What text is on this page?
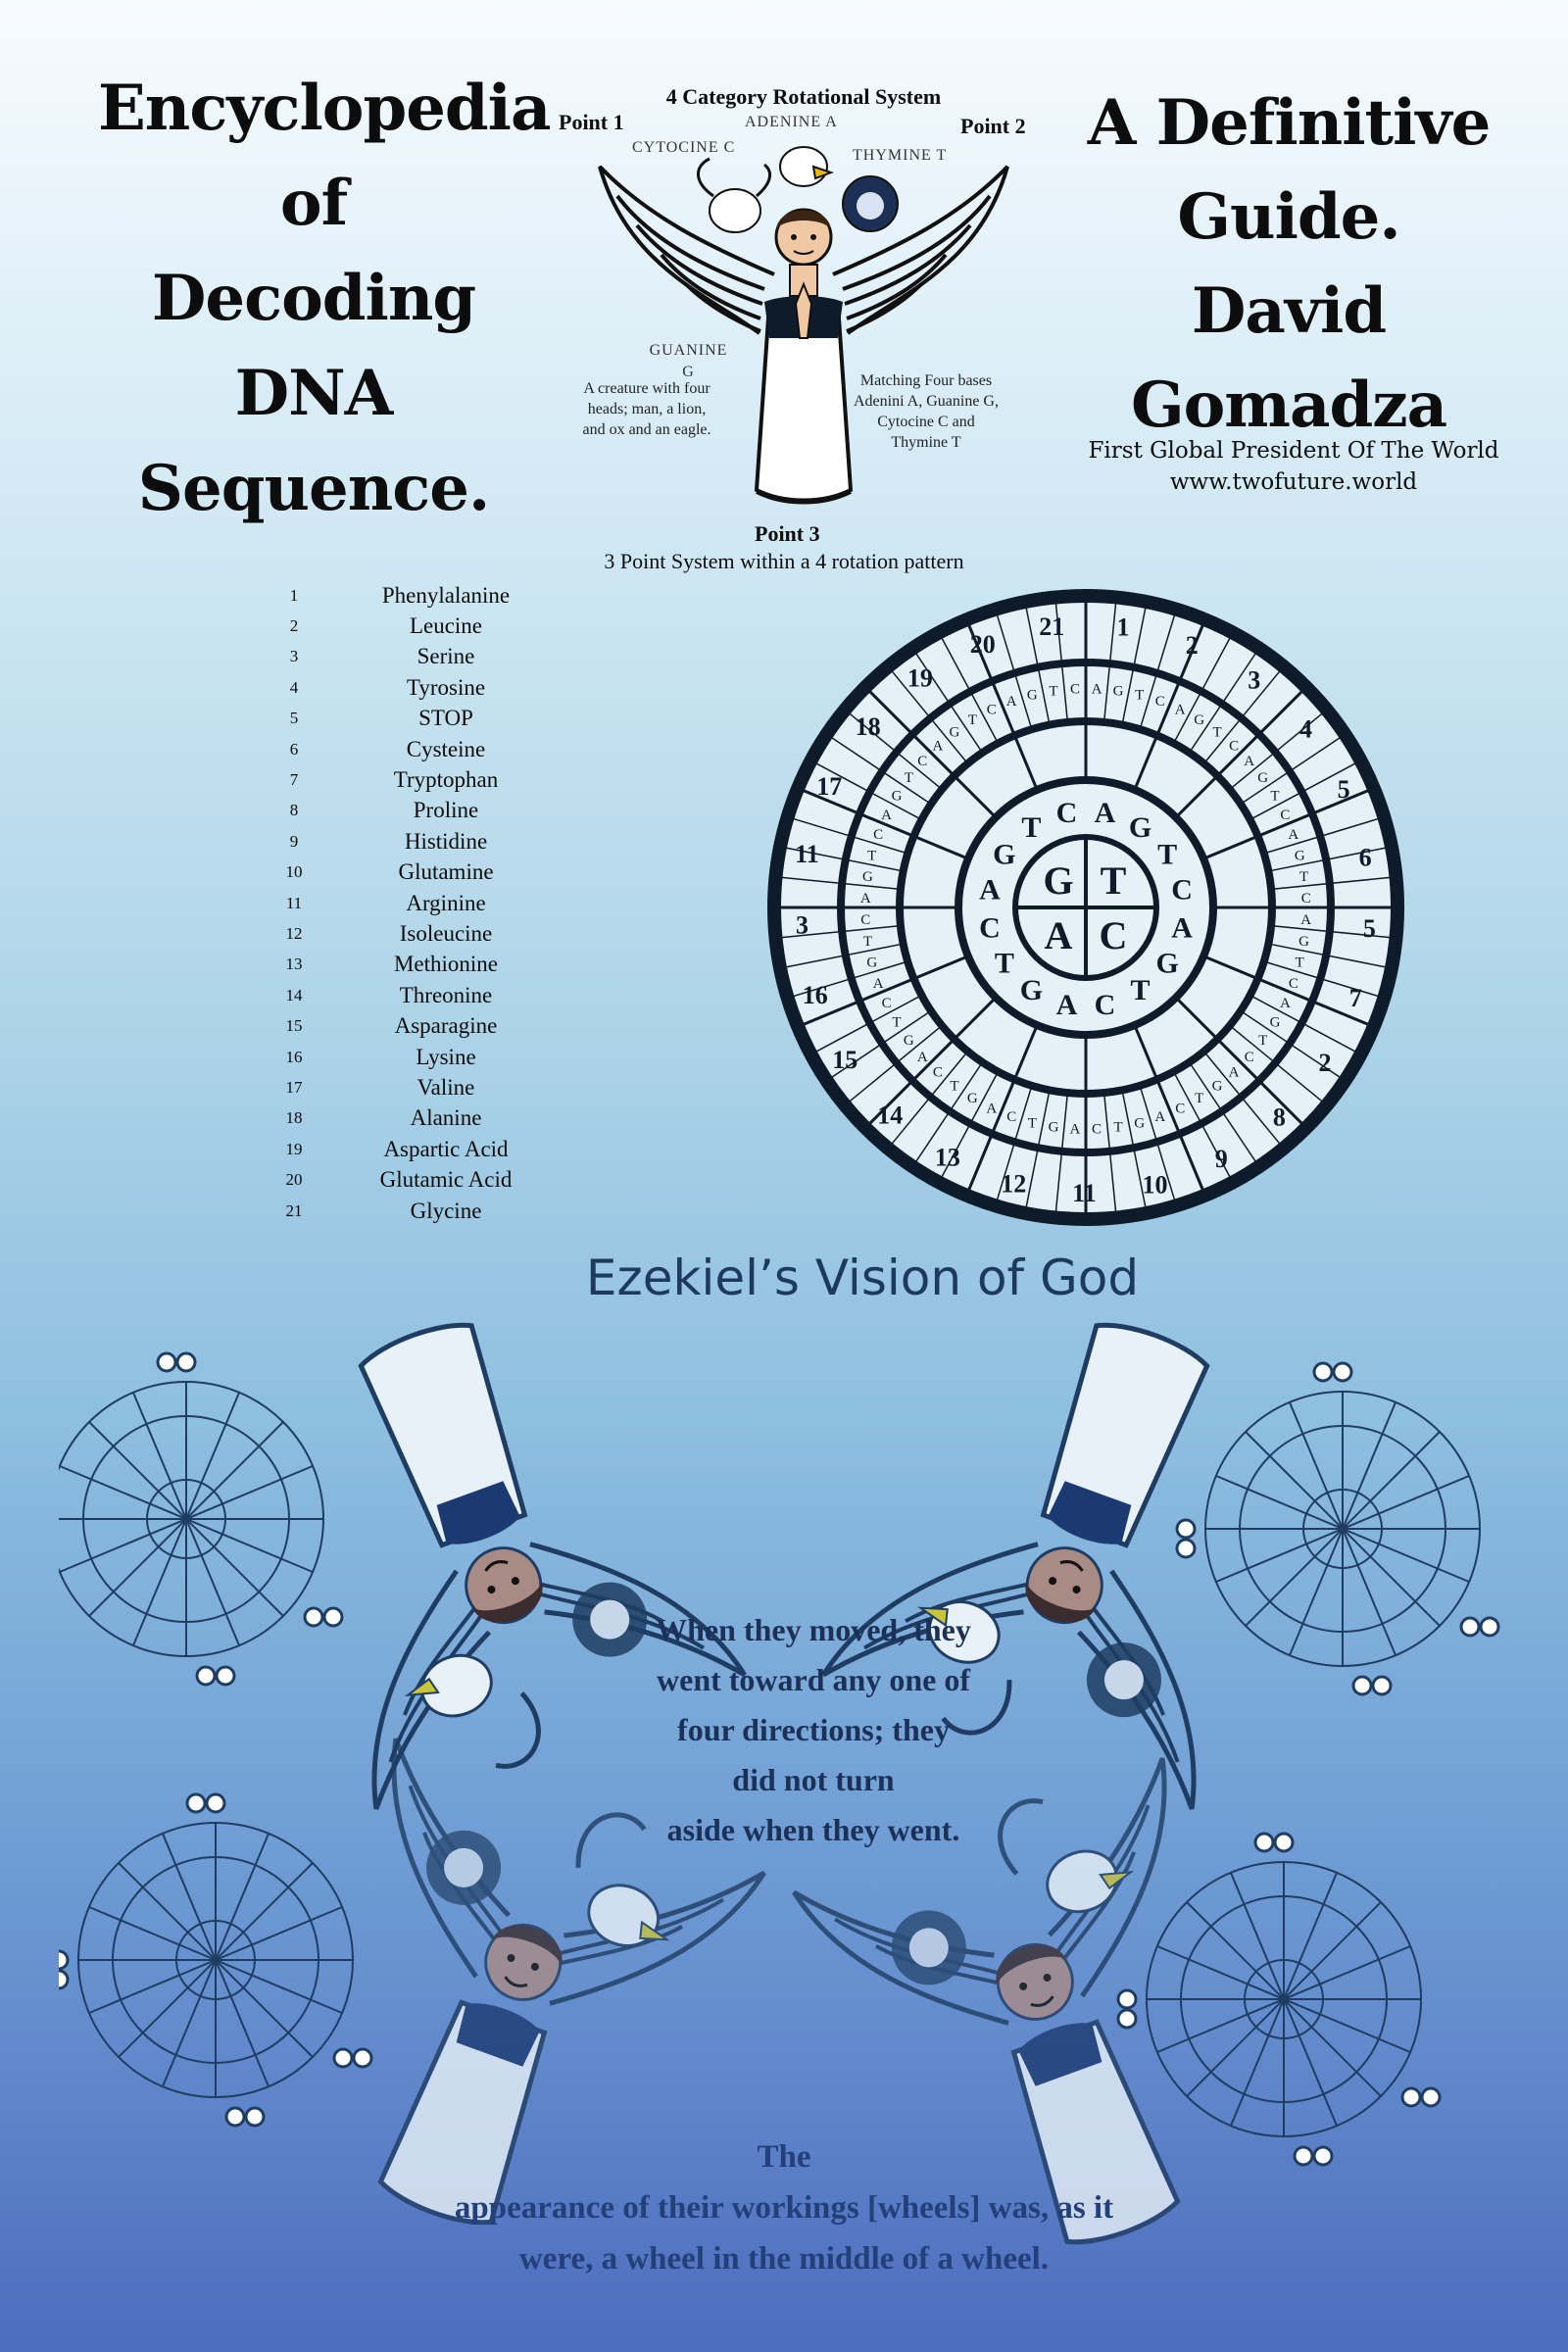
Encyclopedia
of
Decoding
DNA
Sequence.
A Definitive
Guide.
David
Gomadza
First Global President Of The World
www.twofuture.world
4 Category Rotational System
Point 1	Point 2
ADENINE A
CYTOCINE C	THYMINE T
GUANINE
G
A creature with four
heads; man, a lion,
and ox and an eagle.
Matching Four bases
Adenini A, Guanine G,
Cytocine C and
Thymine T
Point 3
3 Point System within a 4 rotation pattern
1	Phenylalanine
2	Leucine
3	Serine
4	Tyrosine
5	STOP
6	Cysteine
7	Tryptophan
8	Proline
9	Histidine
10	Glutamine
11	Arginine
12	Isoleucine
13	Methionine
14	Threonine
15	Asparagine
16	Lysine
17	Valine
18	Alanine
19	Aspartic Acid
20	Glutamic Acid
21	Glycine
G T
A C
A G
T
C
A
G
T
C
A
G
T
C
A
G
T C
21 1
2
3
4
5
6
5
7
2
8
9
10
11
12
13
14
15
16
3
11
17
18
19
20
A G T C
A
G
T
C
A
G
T
C
A
G
T
C
A
G
T
C
A
G
T
C
A
G
T
C
A
G
T
C
A
G
T
C
A
G
T
C
A
G
T
C
A
G
T
C
A
G
T
C
A
G
T
C
A
G
T
C
A G T C
Ezekiel’s Vision of God
When they moved, they
went toward any one of
four directions; they
did not turn
aside when they went.
The
appearance of their workings [wheels] was, as it
were, a wheel in the middle of a wheel.
